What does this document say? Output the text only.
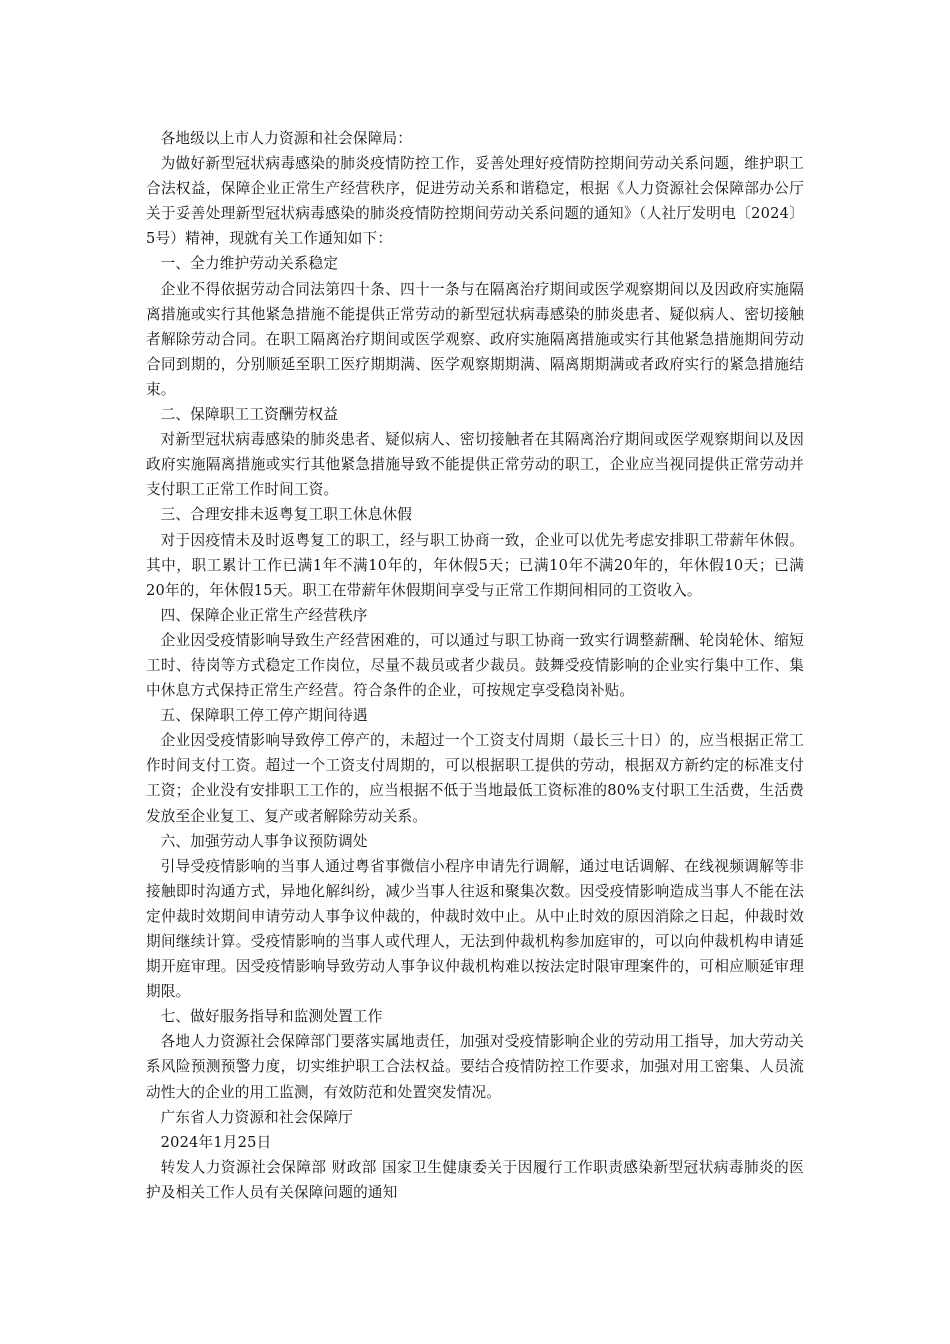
各地级以上市人力资源和社会保障局：

为做好新型冠状病毒感染的肺炎疫情防控工作，妥善处理好疫情防控期间劳动关系问题，维护职工合法权益，保障企业正常生产经营秩序，促进劳动关系和谐稳定，根据《人力资源社会保障部办公厅关于妥善处理新型冠状病毒感染的肺炎疫情防控期间劳动关系问题的通知》（人社厅发明电〔2024〕5号）精神，现就有关工作通知如下：

一、全力维护劳动关系稳定

企业不得依据劳动合同法第四十条、四十一条与在隔离治疗期间或医学观察期间以及因政府实施隔离措施或实行其他紧急措施不能提供正常劳动的新型冠状病毒感染的肺炎患者、疑似病人、密切接触者解除劳动合同。在职工隔离治疗期间或医学观察、政府实施隔离措施或实行其他紧急措施期间劳动合同到期的，分别顺延至职工医疗期期满、医学观察期期满、隔离期期满或者政府实行的紧急措施结束。

二、保障职工工资酬劳权益

对新型冠状病毒感染的肺炎患者、疑似病人、密切接触者在其隔离治疗期间或医学观察期间以及因政府实施隔离措施或实行其他紧急措施导致不能提供正常劳动的职工，企业应当视同提供正常劳动并支付职工正常工作时间工资。

三、合理安排未返粤复工职工休息休假

对于因疫情未及时返粤复工的职工，经与职工协商一致，企业可以优先考虑安排职工带薪年休假。其中，职工累计工作已满1年不满10年的，年休假5天；已满10年不满20年的，年休假10天；已满20年的，年休假15天。职工在带薪年休假期间享受与正常工作期间相同的工资收入。

四、保障企业正常生产经营秩序

企业因受疫情影响导致生产经营困难的，可以通过与职工协商一致实行调整薪酬、轮岗轮休、缩短工时、待岗等方式稳定工作岗位，尽量不裁员或者少裁员。鼓舞受疫情影响的企业实行集中工作、集中休息方式保持正常生产经营。符合条件的企业，可按规定享受稳岗补贴。

五、保障职工停工停产期间待遇

企业因受疫情影响导致停工停产的，未超过一个工资支付周期（最长三十日）的，应当根据正常工作时间支付工资。超过一个工资支付周期的，可以根据职工提供的劳动，根据双方新约定的标准支付工资；企业没有安排职工工作的，应当根据不低于当地最低工资标准的80%支付职工生活费，生活费发放至企业复工、复产或者解除劳动关系。

六、加强劳动人事争议预防调处

引导受疫情影响的当事人通过粤省事微信小程序申请先行调解，通过电话调解、在线视频调解等非接触即时沟通方式，异地化解纠纷，减少当事人往返和聚集次数。因受疫情影响造成当事人不能在法定仲裁时效期间申请劳动人事争议仲裁的，仲裁时效中止。从中止时效的原因消除之日起，仲裁时效期间继续计算。受疫情影响的当事人或代理人，无法到仲裁机构参加庭审的，可以向仲裁机构申请延期开庭审理。因受疫情影响导致劳动人事争议仲裁机构难以按法定时限审理案件的，可相应顺延审理期限。

七、做好服务指导和监测处置工作

各地人力资源社会保障部门要落实属地责任，加强对受疫情影响企业的劳动用工指导，加大劳动关系风险预测预警力度，切实维护职工合法权益。要结合疫情防控工作要求，加强对用工密集、人员流动性大的企业的用工监测，有效防范和处置突发情况。

广东省人力资源和社会保障厅

2024年1月25日

转发人力资源社会保障部 财政部 国家卫生健康委关于因履行工作职责感染新型冠状病毒肺炎的医护及相关工作人员有关保障问题的通知
